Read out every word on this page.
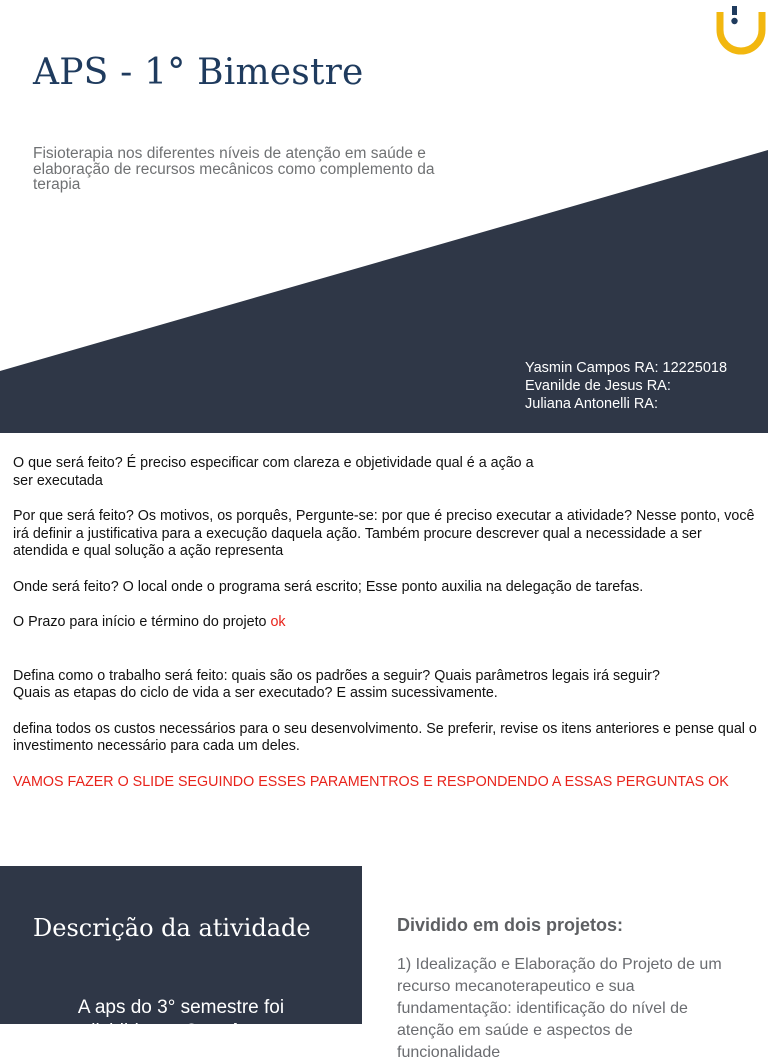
APS - 1° Bimestre
Fisioterapia nos diferentes níveis de atenção em saúde e elaboração de recursos mecânicos como complemento da terapia
Yasmin Campos RA: 12225018
Evanilde de Jesus RA:
Juliana Antonelli RA:

O que será feito? É preciso especificar com clareza e objetividade qual é a ação a
ser executada

Por que será feito? Os motivos, os porquês, Pergunte-se: por que é preciso executar a atividade? Nesse ponto, você irá definir a justificativa para a execução daquela ação. Também procure descrever qual a necessidade a ser atendida e qual solução a ação representa

Onde será feito? O local onde o programa será escrito; Esse ponto auxilia na delegação de tarefas.

O Prazo para início e término do projeto ok

Defina como o trabalho será feito: quais são os padrões a seguir? Quais parâmetros legais irá seguir?
Quais as etapas do ciclo de vida a ser executado? E assim sucessivamente.

defina todos os custos necessários para o seu desenvolvimento. Se preferir, revise os itens anteriores e pense qual o investimento necessário para cada um deles.

VAMOS FAZER O SLIDE SEGUINDO ESSES PARAMENTROS E RESPONDENDO A ESSAS PERGUNTAS OK

Descrição da atividade
A aps do 3° semestre foi
dividida em 2 projetos
Dividido em dois projetos:
1) Idealização e Elaboração do Projeto de um recurso mecanoterapeutico e sua fundamentação: identificação do nível de atenção em saúde e aspectos de funcionalidade
